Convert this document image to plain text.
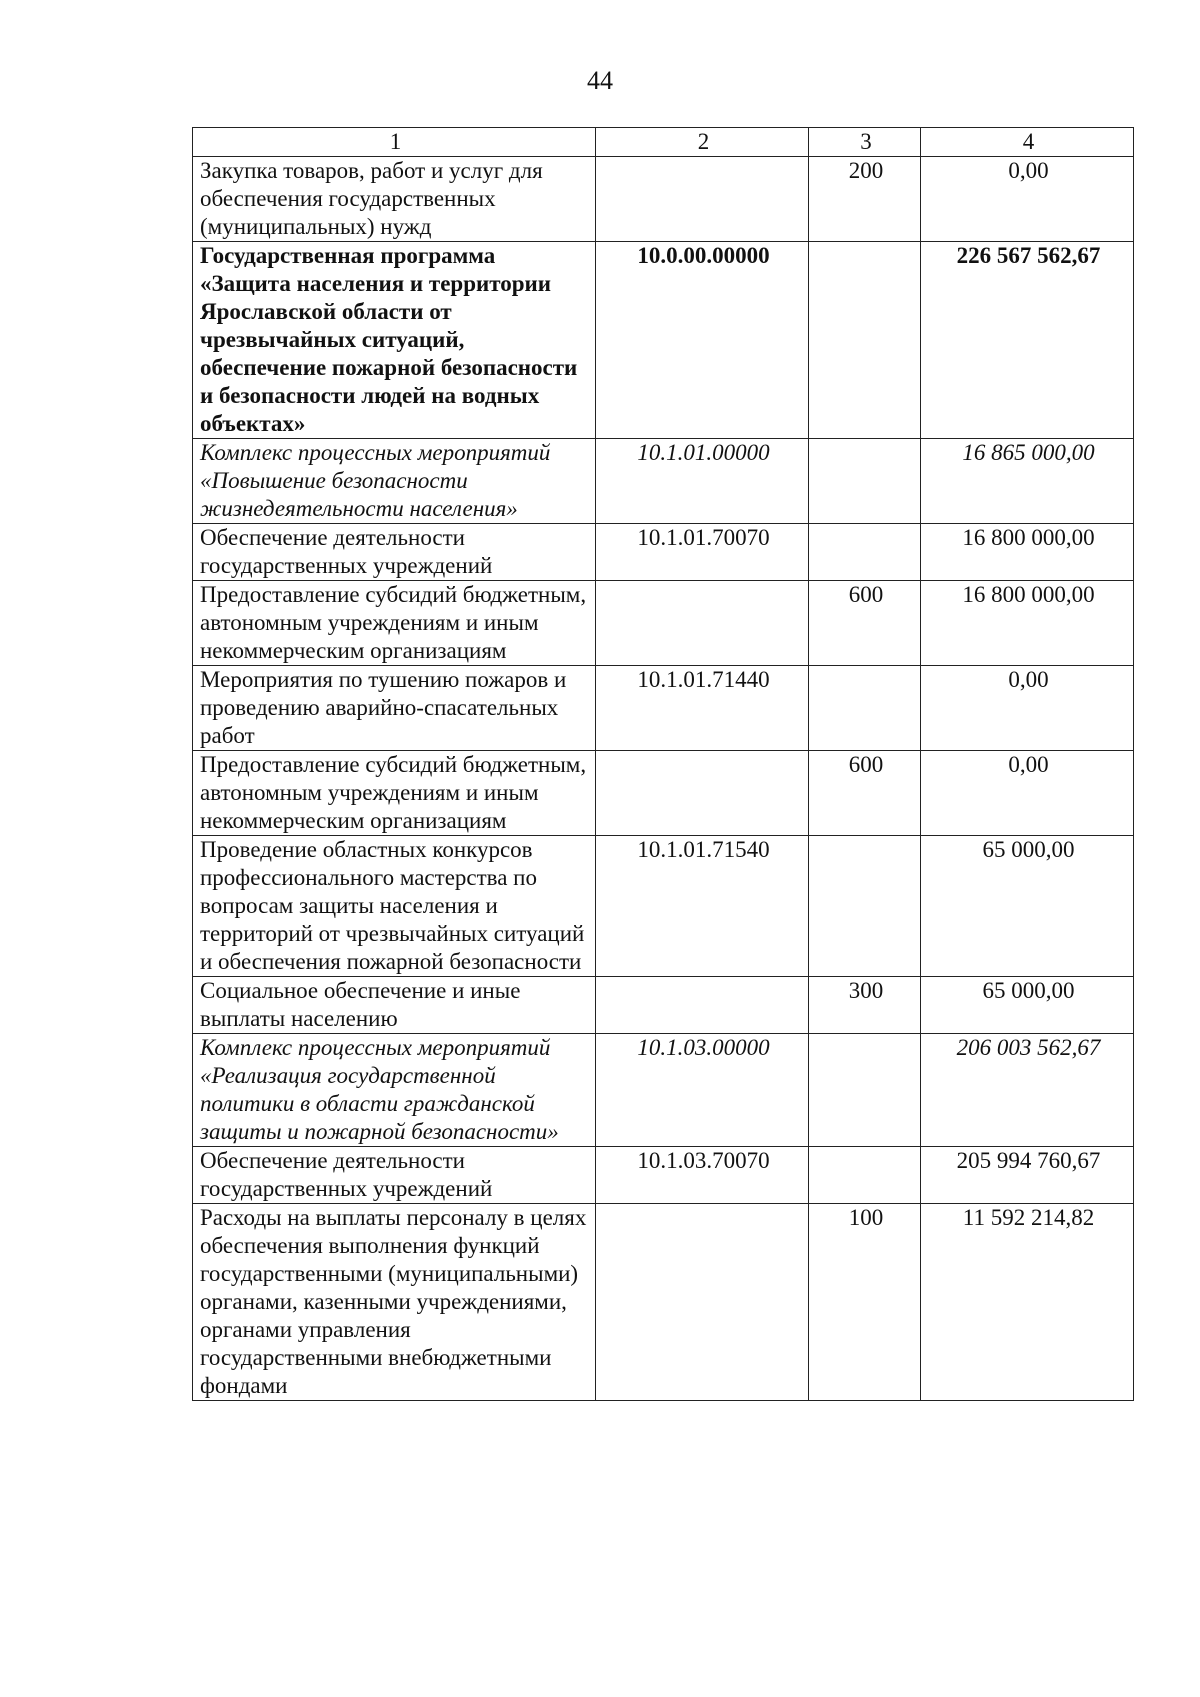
44
1	2	3	4
Закупка товаров, работ и услуг для обеспечения государственных (муниципальных) нужд		200	0,00
Государственная программа «Защита населения и территории Ярославской области от чрезвычайных ситуаций, обеспечение пожарной безопасности и безопасности людей на водных объектах»	10.0.00.00000		226 567 562,67
Комплекс процессных мероприятий «Повышение безопасности жизнедеятельности населения»	10.1.01.00000		16 865 000,00
Обеспечение деятельности государственных учреждений	10.1.01.70070		16 800 000,00
Предоставление субсидий бюджетным, автономным учреждениям и иным некоммерческим организациям		600	16 800 000,00
Мероприятия по тушению пожаров и проведению аварийно-спасательных работ	10.1.01.71440		0,00
Предоставление субсидий бюджетным, автономным учреждениям и иным некоммерческим организациям		600	0,00
Проведение областных конкурсов профессионального мастерства по вопросам защиты населения и территорий от чрезвычайных ситуаций и обеспечения пожарной безопасности	10.1.01.71540		65 000,00
Социальное обеспечение и иные выплаты населению		300	65 000,00
Комплекс процессных мероприятий «Реализация государственной политики в области гражданской защиты и пожарной безопасности»	10.1.03.00000		206 003 562,67
Обеспечение деятельности государственных учреждений	10.1.03.70070		205 994 760,67
Расходы на выплаты персоналу в целях обеспечения выполнения функций государственными (муниципальными) органами, казенными учреждениями, органами управления государственными внебюджетными фондами		100	11 592 214,82
